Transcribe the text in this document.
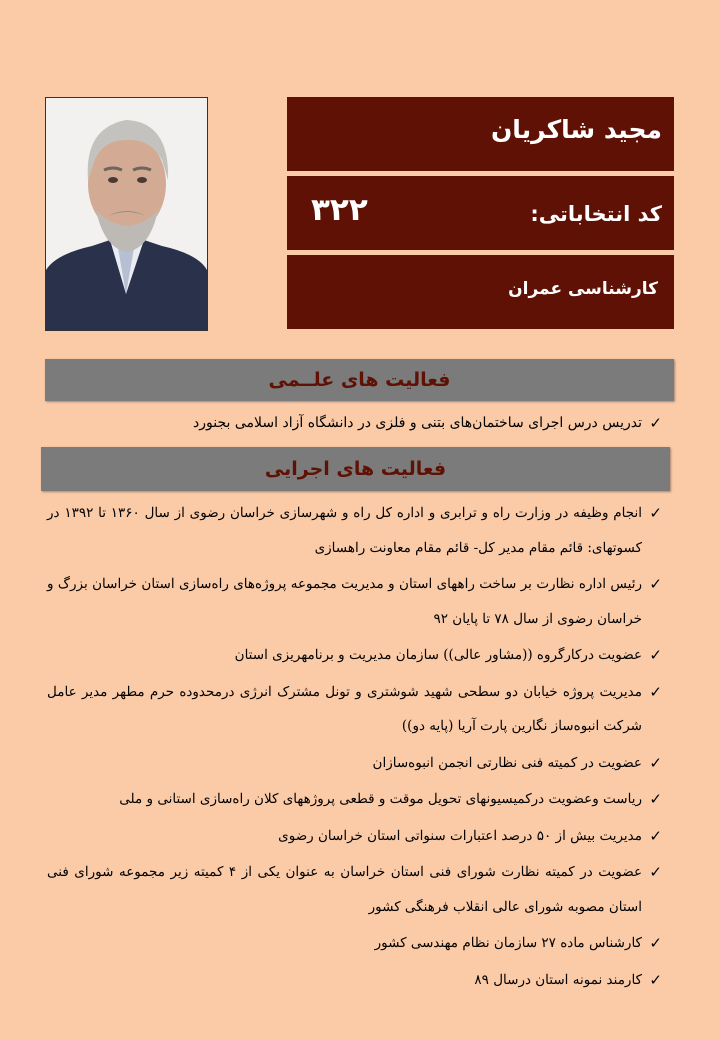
مجید شاکریان
کد انتخاباتی:
۳۲۲
کارشناسی عمران
فعالیت های علــمی
✓
تدریس درس اجرای ساختمان‌های بتنی و فلزی در دانشگاه آزاد اسلامی بجنورد
فعالیت های اجرایی
✓
انجام وظیفه در وزارت راه و ترابری و اداره کل راه و شهرسازی خراسان رضوی از سال ۱۳۶۰ تا ۱۳۹۲ در کسوتهای: قائم مقام مدیر کل- قائم مقام معاونت راهسازی
✓
رئیس اداره نظارت بر ساخت راههای استان و مدیریت مجموعه پروژه‌های راه‌سازی استان خراسان بزرگ و خراسان رضوی از سال ۷۸ تا پایان ۹۲
✓
عضویت درکارگروه ((مشاور عالی)) سازمان مدیریت و برنامهریزی استان
✓
مدیریت پروژه خیابان دو سطحی شهید شوشتری و تونل مشترک انرژی درمحدوده حرم مطهر مدیر عامل شرکت انبوه‌ساز نگارین پارت آریا (پایه دو))
✓
عضویت در کمیته فنی نظارتی انجمن انبوه‌سازان
✓
ریاست وعضویت درکمیسیونهای تحویل موقت و قطعی پروژههای کلان راه‌سازی استانی و ملی
✓
مدیریت بیش از ۵۰ درصد اعتبارات سنواتی استان خراسان رضوی
✓
عضویت در کمیته نظارت شورای فنی استان خراسان به عنوان یکی از ۴ کمیته زیر مجموعه شورای فنی استان مصوبه شورای عالی انقلاب فرهنگی کشور
✓
کارشناس ماده ۲۷ سازمان نظام مهندسی کشور
✓
کارمند نمونه استان درسال ۸۹
